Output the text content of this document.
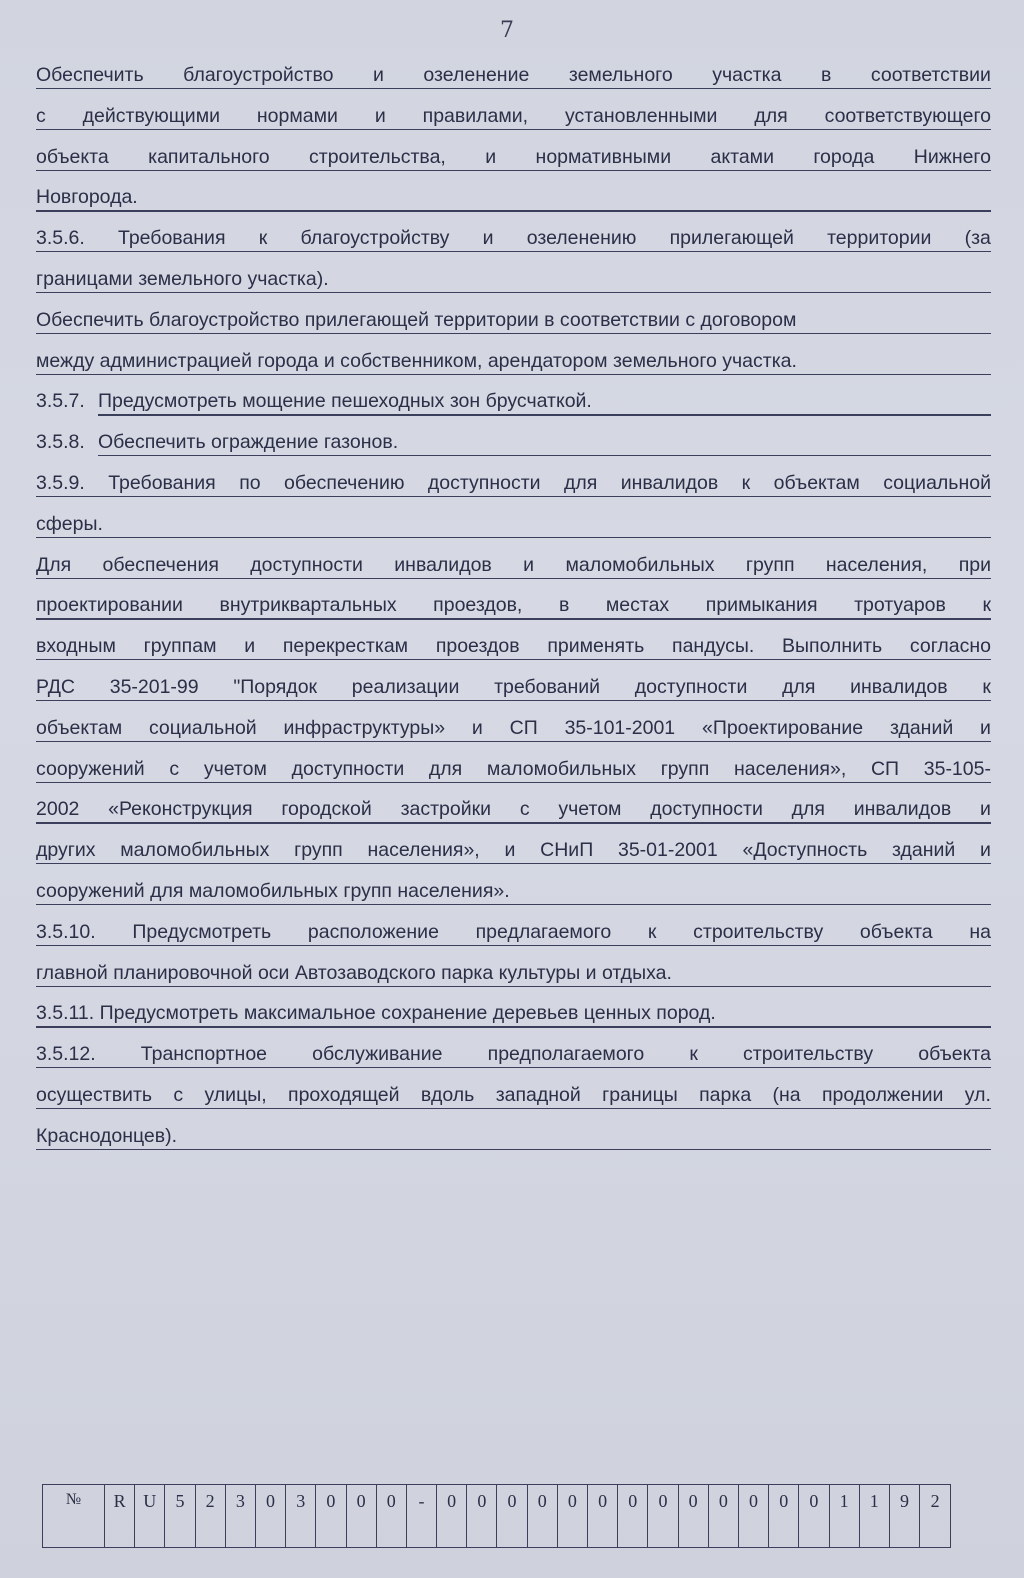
7
Обеспечить благоустройство и озеленение земельного участка в соответствии
с действующими нормами и правилами, установленными для соответствующего
объекта капитального строительства, и нормативными актами города Нижнего
Новгорода.
3.5.6. Требования к благоустройству и озеленению прилегающей территории (за
границами земельного участка).
Обеспечить благоустройство прилегающей территории в соответствии с договором
между администрацией города и собственником, арендатором земельного участка.
3.5.7. Предусмотреть мощение пешеходных зон брусчаткой.
3.5.8. Обеспечить ограждение газонов.
3.5.9. Требования по обеспечению доступности для инвалидов к объектам социальной
сферы.
Для обеспечения доступности инвалидов и маломобильных групп населения, при
проектировании внутриквартальных проездов, в местах примыкания тротуаров к
входным группам и перекресткам проездов применять пандусы. Выполнить согласно
РДС 35-201-99 "Порядок реализации требований доступности для инвалидов к
объектам социальной инфраструктуры» и СП 35-101-2001 «Проектирование зданий и
сооружений с учетом доступности для маломобильных групп населения», СП 35-105-
2002 «Реконструкция городской застройки с учетом доступности для инвалидов и
других маломобильных групп населения», и СНиП 35-01-2001 «Доступность зданий и
сооружений для маломобильных групп населения».
3.5.10. Предусмотреть расположение предлагаемого к строительству объекта на
главной планировочной оси Автозаводского парка культуры и отдыха.
3.5.11. Предусмотреть максимальное сохранение деревьев ценных пород.
3.5.12. Транспортное обслуживание предполагаемого к строительству объекта
осуществить с улицы, проходящей вдоль западной границы парка (на продолжении ул.
Краснодонцев).
№	R U	5	2	3	0	3	0	0	0	-	0	0	0	0	0	0	0	0	0	0	0	0	0	1	1	9	2
